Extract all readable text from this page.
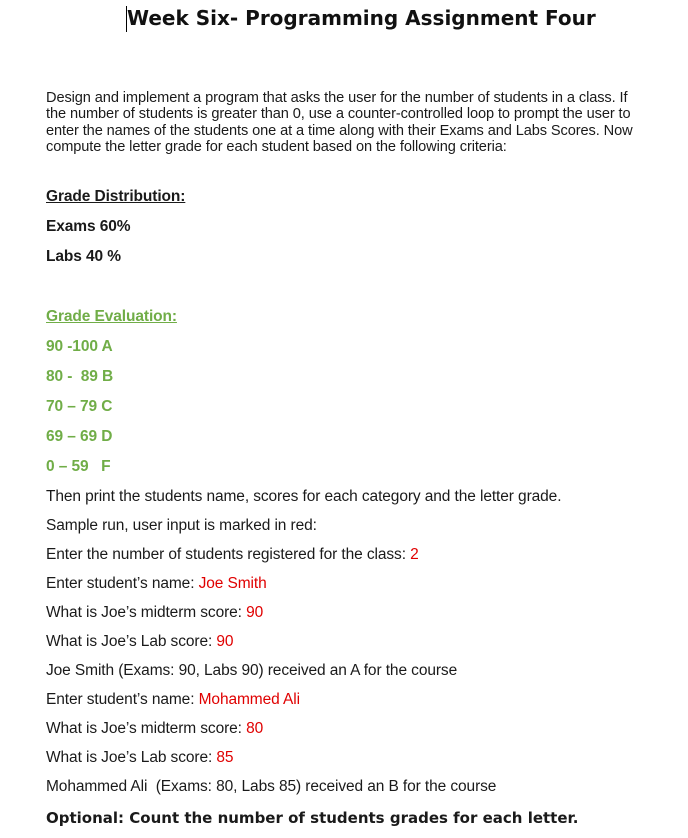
Week Six- Programming Assignment Four
Design and implement a program that asks the user for the number of students in a class. If the number of students is greater than 0, use a counter-controlled loop to prompt the user to enter the names of the students one at a time along with their Exams and Labs Scores. Now compute the letter grade for each student based on the following criteria:
Grade Distribution:
Exams 60%
Labs 40 %
Grade Evaluation:
90 -100 A
80 -  89 B
70 – 79 C
69 – 69 D
0 – 59   F
Then print the students name, scores for each category and the letter grade.
Sample run, user input is marked in red:
Enter the number of students registered for the class: 2
Enter student’s name: Joe Smith
What is Joe’s midterm score: 90
What is Joe’s Lab score: 90
Joe Smith (Exams: 90, Labs 90) received an A for the course
Enter student’s name: Mohammed Ali
What is Joe’s midterm score: 80
What is Joe’s Lab score: 85
Mohammed Ali  (Exams: 80, Labs 85) received an B for the course
Optional: Count the number of students grades for each letter.
